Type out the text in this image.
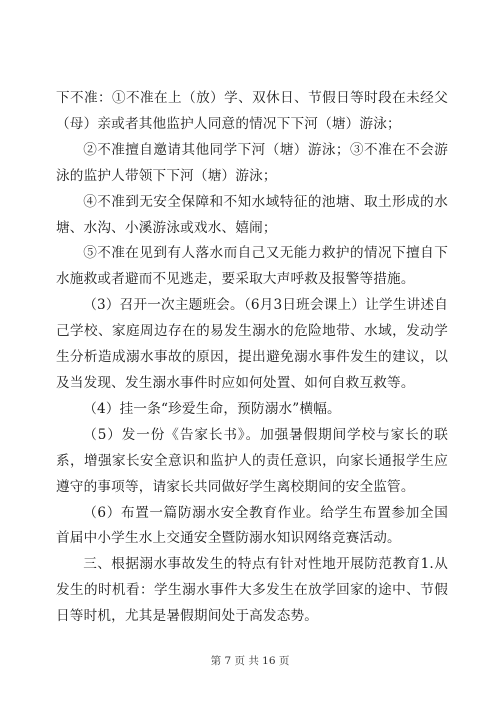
下不准：①不准在上（放）学、双休日、节假日等时段在未经父（母）亲或者其他监护人同意的情况下下河（塘）游泳；

②不准擅自邀请其他同学下河（塘）游泳；③不准在不会游泳的监护人带领下下河（塘）游泳；

④不准到无安全保障和不知水域特征的池塘、取土形成的水塘、水沟、小溪游泳或戏水、嬉闹；

⑤不准在见到有人落水而自己又无能力救护的情况下擅自下水施救或者避而不见逃走，要采取大声呼救及报警等措施。

（3）召开一次主题班会。（6月3日班会课上）让学生讲述自己学校、家庭周边存在的易发生溺水的危险地带、水域，发动学生分析造成溺水事故的原因，提出避免溺水事件发生的建议，以及当发现、发生溺水事件时应如何处置、如何自救互救等。

（4）挂一条“珍爱生命，预防溺水”横幅。

（5）发一份《告家长书》。加强暑假期间学校与家长的联系，增强家长安全意识和监护人的责任意识，向家长通报学生应遵守的事项等，请家长共同做好学生离校期间的安全监管。

（6）布置一篇防溺水安全教育作业。给学生布置参加全国首届中小学生水上交通安全暨防溺水知识网络竞赛活动。

三、根据溺水事故发生的特点有针对性地开展防范教育1.从发生的时机看：学生溺水事件大多发生在放学回家的途中、节假日等时机，尤其是暑假期间处于高发态势。

第 7 页 共 16 页
